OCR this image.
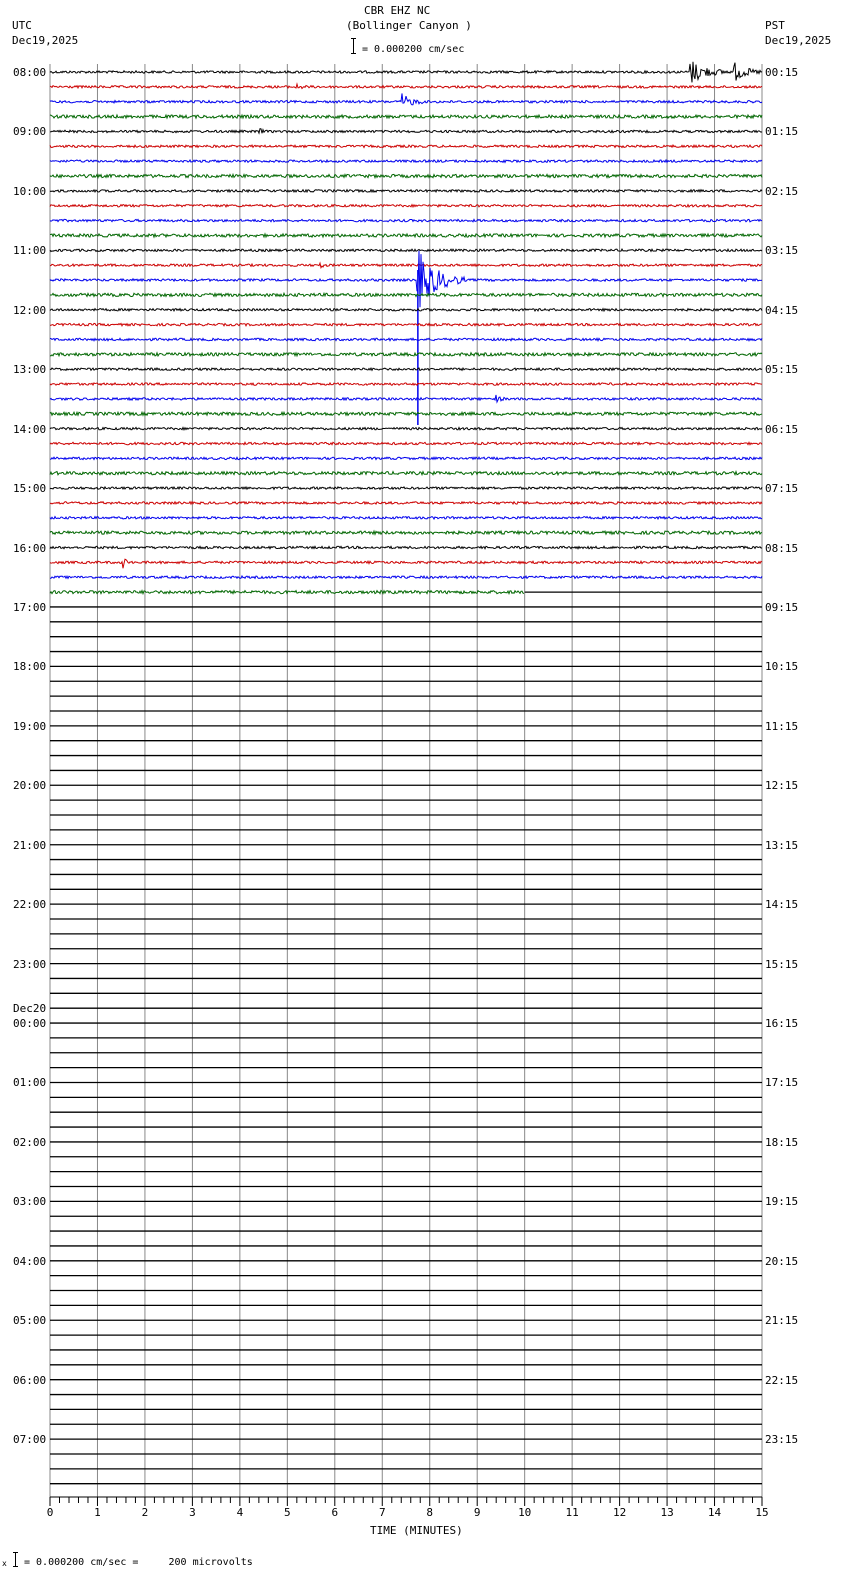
CBR EHZ NC
(Bollinger Canyon )
UTC
Dec19,2025
PST
Dec19,2025
= 0.000200 cm/sec
0	1	2	3	4	5	6	7	8	9	10	11	12	13	14	15
08:00
09:00
10:00
11:00
12:00
13:00
14:00
15:00
16:00
17:00
18:00
19:00
20:00
21:00
22:00
23:00
00:00
Dec20
01:00
02:00
03:00
04:00
05:00
06:00
07:00
00:15
01:15
02:15
03:15
04:15
05:15
06:15
07:15
08:15
09:15
10:15
11:15
12:15
13:15
14:15
15:15
16:15
17:15
18:15
19:15
20:15
21:15
22:15
23:15
TIME (MINUTES)
x = 0.000200 cm/sec =     200 microvolts
